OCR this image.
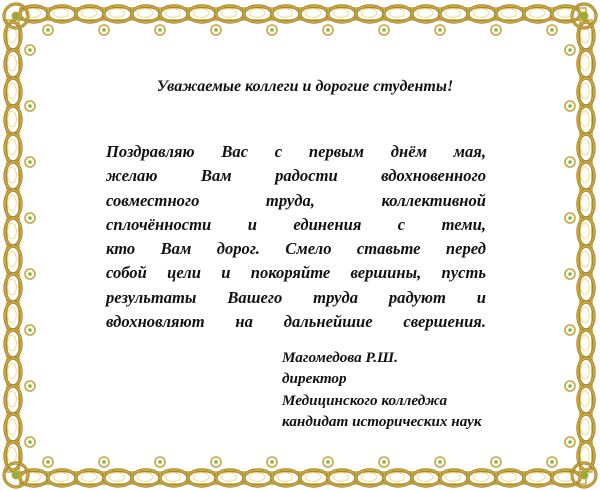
Уважаемые коллеги и дорогие студенты!
Поздравляю Вас с первым днём мая,
желаю Вам радости вдохновенного
совместного труда, коллективной
сплочённости и единения с теми,
кто Вам дорог. Смело ставьте перед
собой цели и покоряйте вершины, пусть
результаты Вашего труда радуют и
вдохновляют на дальнейшие свершения.
Магомедова Р.Ш.
директор
Медицинского колледжа
кандидат исторических наук
